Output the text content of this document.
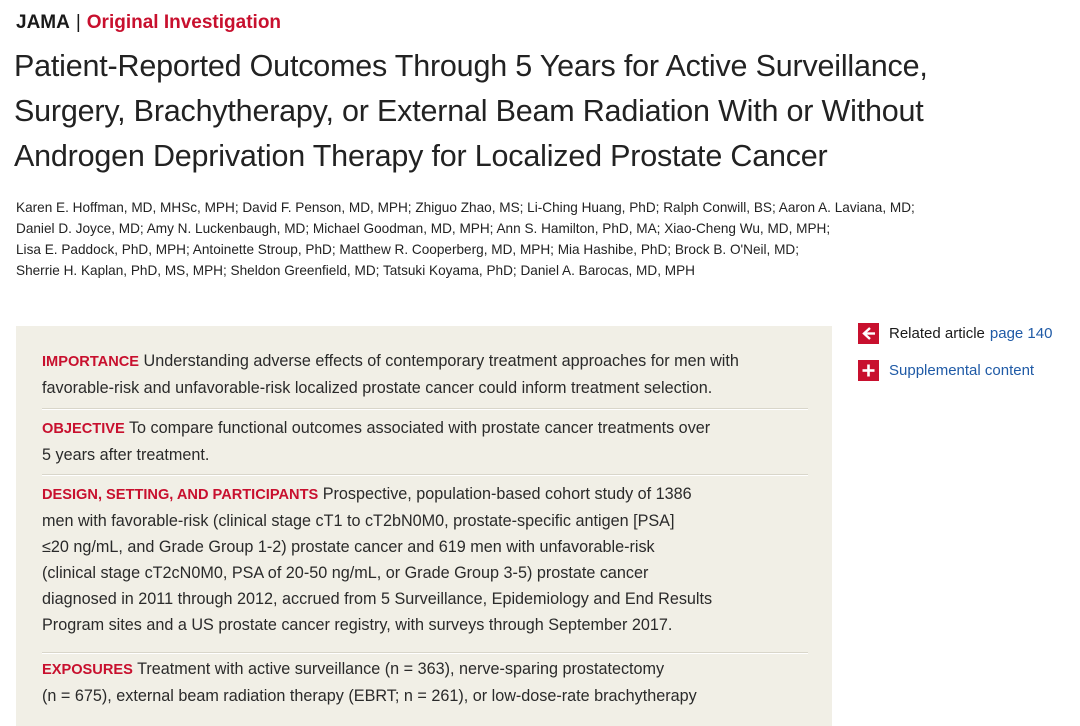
JAMA | Original Investigation
Patient-Reported Outcomes Through 5 Years for Active Surveillance,
Surgery, Brachytherapy, or External Beam Radiation With or Without
Androgen Deprivation Therapy for Localized Prostate Cancer
Karen E. Hoffman, MD, MHSc, MPH; David F. Penson, MD, MPH; Zhiguo Zhao, MS; Li-Ching Huang, PhD; Ralph Conwill, BS; Aaron A. Laviana, MD;
Daniel D. Joyce, MD; Amy N. Luckenbaugh, MD; Michael Goodman, MD, MPH; Ann S. Hamilton, PhD, MA; Xiao-Cheng Wu, MD, MPH;
Lisa E. Paddock, PhD, MPH; Antoinette Stroup, PhD; Matthew R. Cooperberg, MD, MPH; Mia Hashibe, PhD; Brock B. O'Neil, MD;
Sherrie H. Kaplan, PhD, MS, MPH; Sheldon Greenfield, MD; Tatsuki Koyama, PhD; Daniel A. Barocas, MD, MPH
IMPORTANCE Understanding adverse effects of contemporary treatment approaches for men with
favorable-risk and unfavorable-risk localized prostate cancer could inform treatment selection.
OBJECTIVE To compare functional outcomes associated with prostate cancer treatments over
5 years after treatment.
DESIGN, SETTING, AND PARTICIPANTS Prospective, population-based cohort study of 1386
men with favorable-risk (clinical stage cT1 to cT2bN0M0, prostate-specific antigen [PSA]
≤20 ng/mL, and Grade Group 1-2) prostate cancer and 619 men with unfavorable-risk
(clinical stage cT2cN0M0, PSA of 20-50 ng/mL, or Grade Group 3-5) prostate cancer
diagnosed in 2011 through 2012, accrued from 5 Surveillance, Epidemiology and End Results
Program sites and a US prostate cancer registry, with surveys through September 2017.
EXPOSURES Treatment with active surveillance (n = 363), nerve-sparing prostatectomy
(n = 675), external beam radiation therapy (EBRT; n = 261), or low-dose-rate brachytherapy
Related article page 140
Supplemental content
